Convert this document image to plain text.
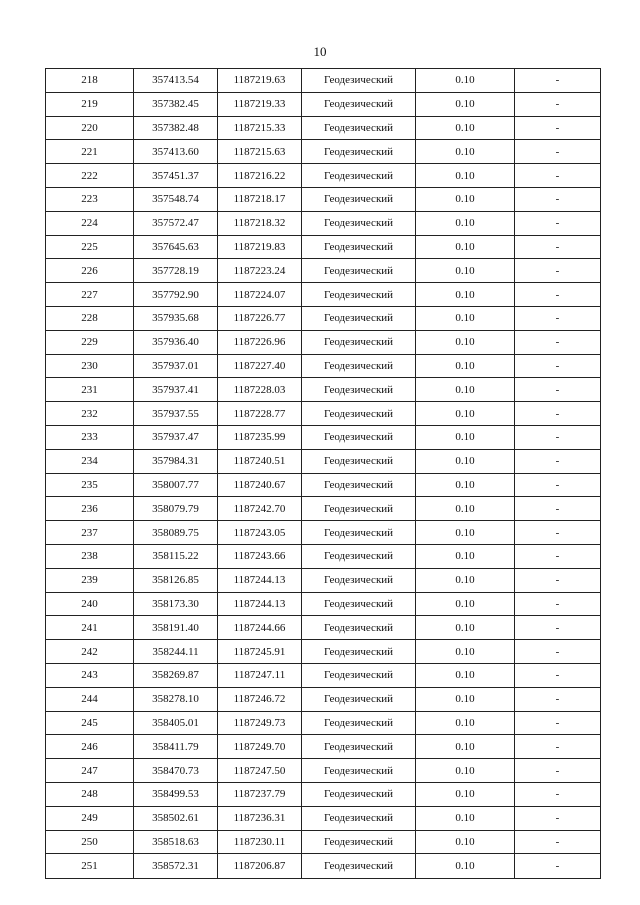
10
218	357413.54	1187219.63	Геодезический	0.10	-
219	357382.45	1187219.33	Геодезический	0.10	-
220	357382.48	1187215.33	Геодезический	0.10	-
221	357413.60	1187215.63	Геодезический	0.10	-
222	357451.37	1187216.22	Геодезический	0.10	-
223	357548.74	1187218.17	Геодезический	0.10	-
224	357572.47	1187218.32	Геодезический	0.10	-
225	357645.63	1187219.83	Геодезический	0.10	-
226	357728.19	1187223.24	Геодезический	0.10	-
227	357792.90	1187224.07	Геодезический	0.10	-
228	357935.68	1187226.77	Геодезический	0.10	-
229	357936.40	1187226.96	Геодезический	0.10	-
230	357937.01	1187227.40	Геодезический	0.10	-
231	357937.41	1187228.03	Геодезический	0.10	-
232	357937.55	1187228.77	Геодезический	0.10	-
233	357937.47	1187235.99	Геодезический	0.10	-
234	357984.31	1187240.51	Геодезический	0.10	-
235	358007.77	1187240.67	Геодезический	0.10	-
236	358079.79	1187242.70	Геодезический	0.10	-
237	358089.75	1187243.05	Геодезический	0.10	-
238	358115.22	1187243.66	Геодезический	0.10	-
239	358126.85	1187244.13	Геодезический	0.10	-
240	358173.30	1187244.13	Геодезический	0.10	-
241	358191.40	1187244.66	Геодезический	0.10	-
242	358244.11	1187245.91	Геодезический	0.10	-
243	358269.87	1187247.11	Геодезический	0.10	-
244	358278.10	1187246.72	Геодезический	0.10	-
245	358405.01	1187249.73	Геодезический	0.10	-
246	358411.79	1187249.70	Геодезический	0.10	-
247	358470.73	1187247.50	Геодезический	0.10	-
248	358499.53	1187237.79	Геодезический	0.10	-
249	358502.61	1187236.31	Геодезический	0.10	-
250	358518.63	1187230.11	Геодезический	0.10	-
251	358572.31	1187206.87	Геодезический	0.10	-
